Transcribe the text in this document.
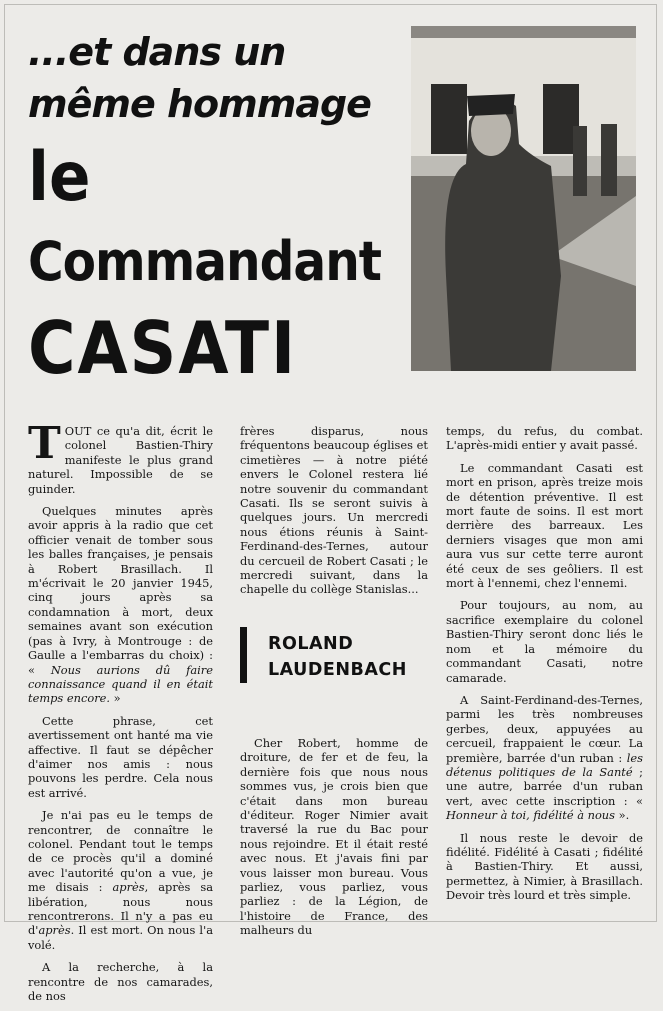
...et dans un même hommage
le
Commandant
CASATI

TOUT ce qu'a dit, écrit le colonel Bastien-Thiry manifeste le plus grand naturel. Impossible de se guinder.

Quelques minutes après avoir appris à la radio que cet officier venait de tomber sous les balles françaises, je pensais à Robert Brasillach. Il m'écrivait le 20 janvier 1945, cinq jours après sa condamnation à mort, deux semaines avant son exécution (pas à Ivry, à Montrouge : de Gaulle a l'embarras du choix) : « Nous aurions dû faire connaissance quand il en était temps encore. »

Cette phrase, cet avertissement ont hanté ma vie affective. Il faut se dépêcher d'aimer nos amis : nous pouvons les perdre. Cela nous est arrivé.

Je n'ai pas eu le temps de rencontrer, de connaître le colonel. Pendant tout le temps de ce procès qu'il a dominé avec l'autorité qu'on a vue, je me disais : après, après sa libération, nous nous rencontrerons. Il n'y a pas eu d'après. Il est mort. On nous l'a volé.

A la recherche, à la rencontre de nos camarades, de nos

frères disparus, nous fréquentons beaucoup églises et cimetières — à notre piété envers le Colonel restera lié notre souvenir du commandant Casati. Ils se seront suivis à quelques jours. Un mercredi nous étions réunis à Saint-Ferdinand-des-Ternes, autour du cercueil de Robert Casati ; le mercredi suivant, dans la chapelle du collège Stanislas...

ROLAND
LAUDENBACH

Cher Robert, homme de droiture, de fer et de feu, la dernière fois que nous nous sommes vus, je crois bien que c'était dans mon bureau d'éditeur. Roger Nimier avait traversé la rue du Bac pour nous rejoindre. Et il était resté avec nous. Et j'avais fini par vous laisser mon bureau. Vous parliez, vous parliez, vous parliez : de la Légion, de l'histoire de France, des malheurs du

temps, du refus, du combat. L'après-midi entier y avait passé.

Le commandant Casati est mort en prison, après treize mois de détention préventive. Il est mort faute de soins. Il est mort derrière des barreaux. Les derniers visages que mon ami aura vus sur cette terre auront été ceux de ses geôliers. Il est mort à l'ennemi, chez l'ennemi.

Pour toujours, au nom, au sacrifice exemplaire du colonel Bastien-Thiry seront donc liés le nom et la mémoire du commandant Casati, notre camarade.

A Saint-Ferdinand-des-Ternes, parmi les très nombreuses gerbes, deux, appuyées au cercueil, frappaient le cœur. La première, barrée d'un ruban : les détenus politiques de la Santé ; une autre, barrée d'un ruban vert, avec cette inscription : « Honneur à toi, fidélité à nous ».

Il nous reste le devoir de fidélité. Fidélité à Casati ; fidélité à Bastien-Thiry. Et aussi, permettez, à Nimier, à Brasillach. Devoir très lourd et très simple.
